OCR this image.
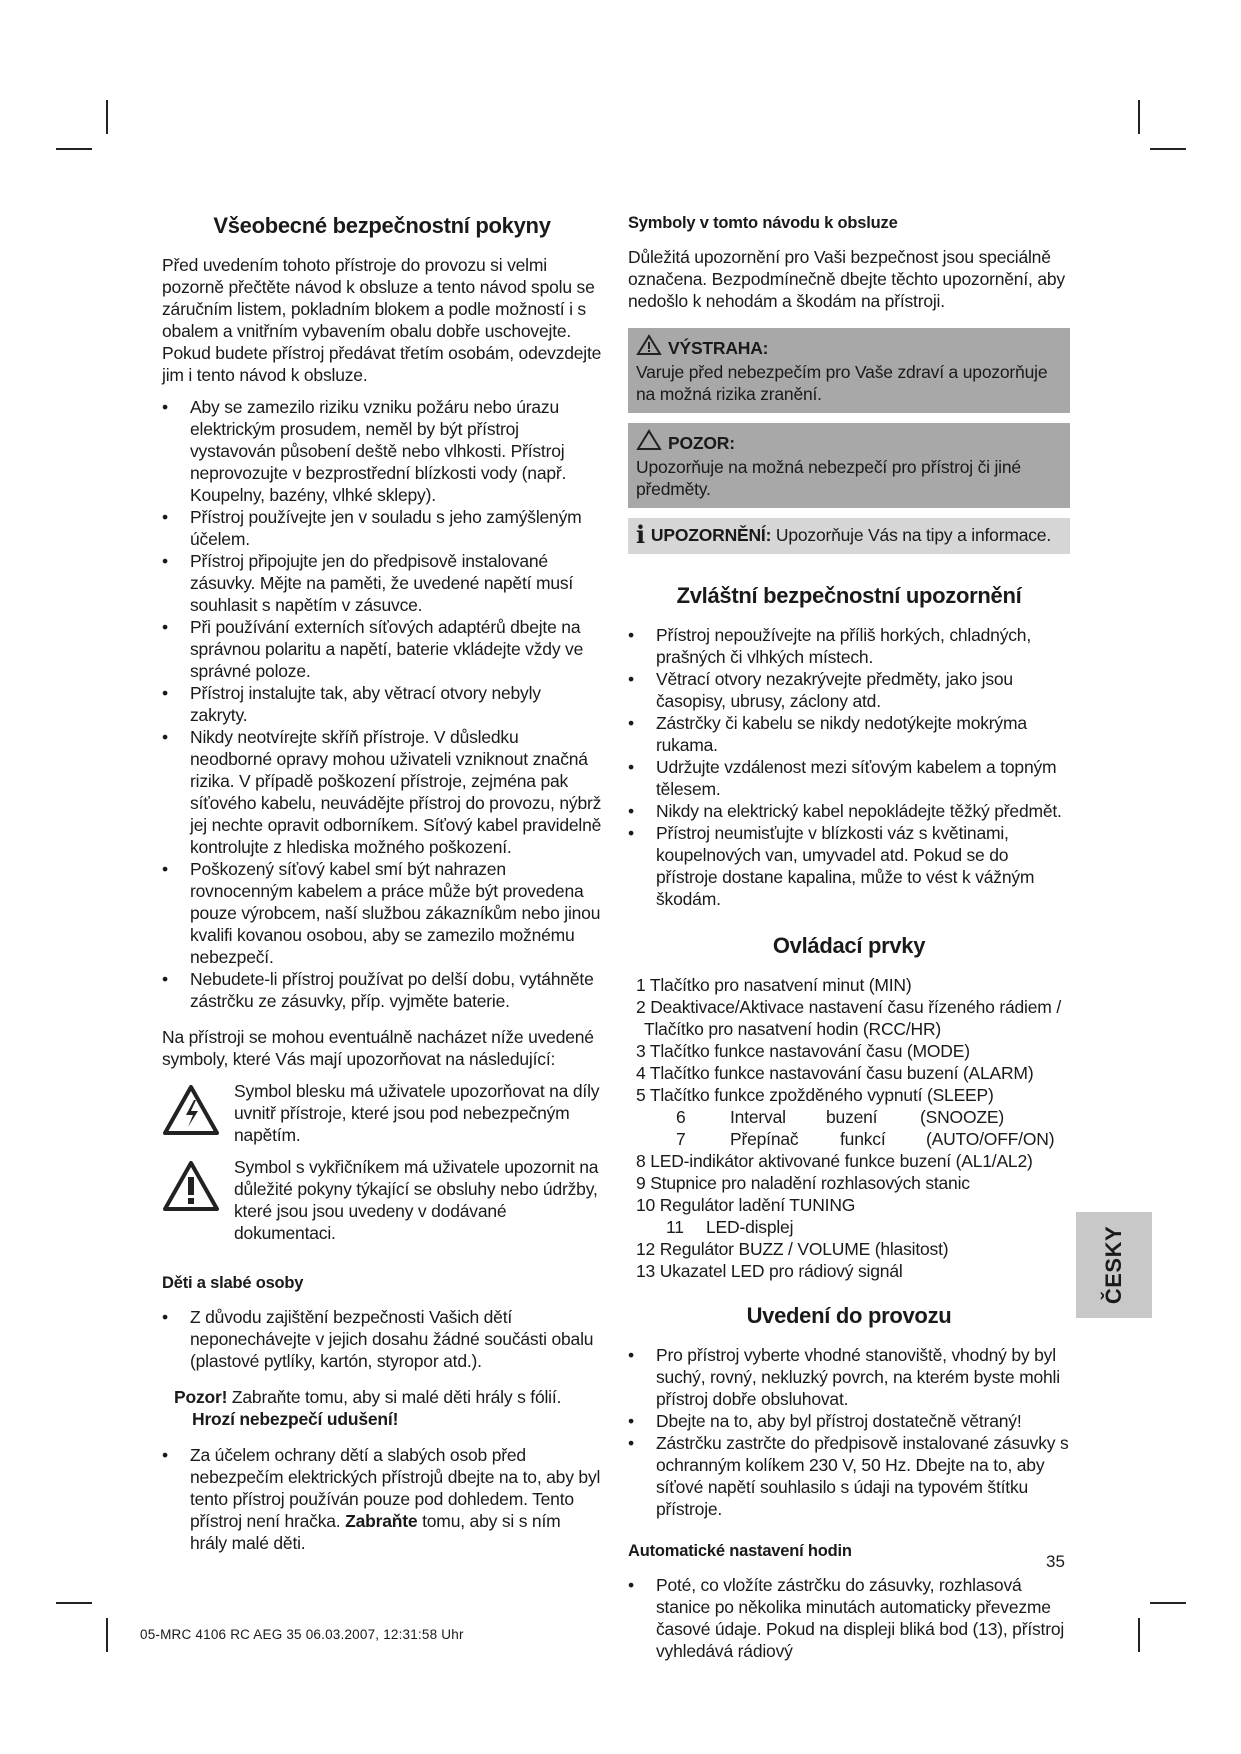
Všeobecné bezpečnostní pokyny

Před uvedením tohoto přístroje do provozu si velmi pozorně přečtěte návod k obsluze a tento návod spolu se záručním listem, pokladním blokem a podle možností i s obalem a vnitřním vybavením obalu dobře uschovejte. Pokud budete přístroj předávat třetím osobám, odevzdejte jim i tento návod k obsluze.

• Aby se zamezilo riziku vzniku požáru nebo úrazu elektrickým prosudem, neměl by být přístroj vystavován působení deště nebo vlhkosti. Přístroj neprovozujte v bezprostřední blízkosti vody (např. Koupelny, bazény, vlhké sklepy).
• Přístroj používejte jen v souladu s jeho zamýšleným účelem.
• Přístroj připojujte jen do předpisově instalované zásuvky. Mějte na paměti, že uvedené napětí musí souhlasit s napětím v zásuvce.
• Při používání externích síťových adaptérů dbejte na správnou polaritu a napětí, baterie vkládejte vždy ve správné poloze.
• Přístroj instalujte tak, aby větrací otvory nebyly zakryty.
• Nikdy neotvírejte skříň přístroje. V důsledku neodborné opravy mohou uživateli vzniknout značná rizika. V případě poškození přístroje, zejména pak síťového kabelu, neuvádějte přístroj do provozu, nýbrž jej nechte opravit odborníkem. Síťový kabel pravidelně kontrolujte z hlediska možného poškození.
• Poškozený síťový kabel smí být nahrazen rovnocenným kabelem a práce může být provedena pouze výrobcem, naší službou zákazníkům nebo jinou kvalifi kovanou osobou, aby se zamezilo možnému nebezpečí.
• Nebudete-li přístroj používat po delší dobu, vytáhněte zástrčku ze zásuvky, příp. vyjměte baterie.

Na přístroji se mohou eventuálně nacházet níže uvedené symboly, které Vás mají upozorňovat na následující:

Symbol blesku má uživatele upozorňovat na díly uvnitř přístroje, které jsou pod nebezpečným napětím.

Symbol s vykřičníkem má uživatele upozornit na důležité pokyny týkající se obsluhy nebo údržby, které jsou jsou uvedeny v dodávané dokumentaci.

Děti a slabé osoby
• Z důvodu zajištění bezpečnosti Vašich dětí neponechávejte v jejich dosahu žádné součásti obalu (plastové pytlíky, kartón, styropor atd.).

Pozor! Zabraňte tomu, aby si malé děti hrály s fólií.

Hrozí nebezpečí udušení!

• Za účelem ochrany dětí a slabých osob před nebezpečím elektrických přístrojů dbejte na to, aby byl tento přístroj používán pouze pod dohledem. Tento přístroj není hračka. Zabraňte tomu, aby si s ním hrály malé děti.
Symboly v tomto návodu k obsluze

Důležitá upozornění pro Vaši bezpečnost jsou speciálně označena. Bezpodmínečně dbejte těchto upozornění, aby nedošlo k nehodám a škodám na přístroji.

VÝSTRAHA:

Varuje před nebezpečím pro Vaše zdraví a upozorňuje na možná rizika zranění.

POZOR:

Upozorňuje na možná nebezpečí pro přístroj či jiné předměty.

i UPOZORNĚNÍ: Upozorňuje Vás na tipy a informace.
Zvláštní bezpečnostní upozornění
• Přístroj nepoužívejte na příliš horkých, chladných, prašných či vlhkých místech.
• Větrací otvory nezakrývejte předměty, jako jsou časopisy, ubrusy, záclony atd.
• Zástrčky či kabelu se nikdy nedotýkejte mokrýma rukama.
• Udržujte vzdálenost mezi síťovým kabelem a topným tělesem.
• Nikdy na elektrický kabel nepokládejte těžký předmět.
• Přístroj neumisťujte v blízkosti váz s květinami, koupelnových van, umyvadel atd. Pokud se do přístroje dostane kapalina, může to vést k vážným škodám.
Ovládací prvky

1 Tlačítko pro nasatvení minut (MIN)

2 Deaktivace/Aktivace nastavení času řízeného rádiem /

Tlačítko pro nasatvení hodin (RCC/HR)

3 Tlačítko funkce nastavování času (MODE)

4 Tlačítko funkce nastavování času buzení (ALARM)

5 Tlačítko funkce zpožděného vypnutí (SLEEP)

6	Interval	buzení	(SNOOZE)
7	Přepínač	funkcí	(AUTO/OFF/ON)

8 LED-indikátor aktivované funkce buzení (AL1/AL2)

9 Stupnice pro naladění rozhlasových stanic

10 Regulátor ladění TUNING

11	LED-displej

12 Regulátor BUZZ / VOLUME (hlasitost)

13 Ukazatel LED pro rádiový signál

Uvedení do provozu
• Pro přístroj vyberte vhodné stanoviště, vhodný by byl suchý, rovný, nekluzký povrch, na kterém byste mohli přístroj dobře obsluhovat.
• Dbejte na to, aby byl přístroj dostatečně větraný!
• Zástrčku zastrčte do předpisově instalované zásuvky s ochranným kolíkem 230 V, 50 Hz. Dbejte na to, aby síťové napětí souhlasilo s údaji na typovém štítku přístroje.
Automatické nastavení hodin
• Poté, co vložíte zástrčku do zásuvky, rozhlasová stanice po několika minutách automaticky převezme časové údaje. Pokud na displeji bliká bod (13), přístroj vyhledává rádiový
ČESKY
35
05-MRC 4106 RC AEG 35 06.03.2007, 12:31:58 Uhr
